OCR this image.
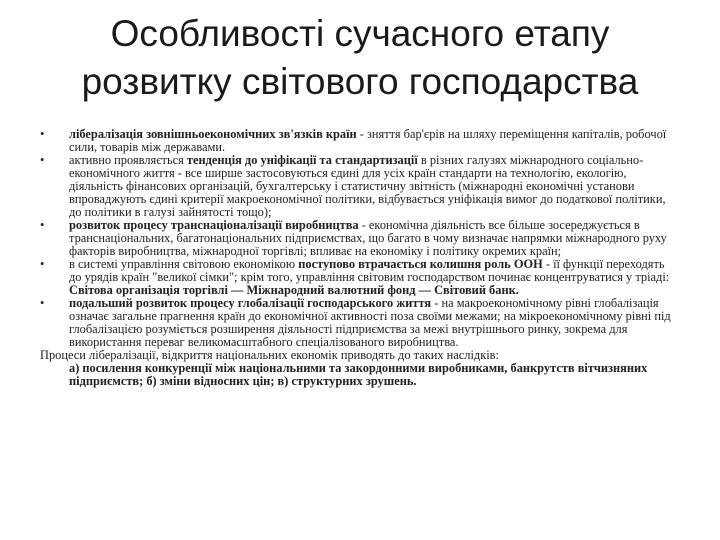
Особливості сучасного етапу
розвитку світового господарства
•	лібералізація зовнішньоекономічних зв'язків країн - зняття бар'єрів на шляху переміщення капіталів, робочої сили, товарів між державами.

•	активно проявляється тенденція до уніфікації та стандартизації в різних галузях міжнародного соціально-економічного життя - все ширше застосовуються єдині для усіх країн стандарти на технологію, екологію, діяльність фінансових організацій, бухгалтерську і статистичну звітність (міжнародні економічні установи впроваджують єдині критерії макроекономічної політики, відбувається уніфікація вимог до податкової політики, до політики в галузі зайнятості тощо);

•	розвиток процесу транснаціоналізації виробництва - економічна діяльність все більше зосереджується в транснаціональних, багатонаціональних підприємствах, що багато в чому визначає напрямки міжнародного руху факторів виробництва, міжнародної торгівлі; впливає на економіку і політику окремих країн;

•	в системі управління світовою економікою поступово втрачається колишня роль ООН - її функції переходять до урядів країн "великої сімки"; крім того, управління світовим господарством починає концентруватися у тріаді: Світова організація торгівлі — Міжнародний валютний фонд — Світовий банк.

•	подальший розвиток процесу глобалізації господарського життя - на макроекономічному рівні глобалізація означає загальне прагнення країн до економічної активності поза своїми межами; на мікроекономічному рівні під глобалізацією розуміється розширення діяльності підприємства за межі внутрішнього ринку, зокрема для використання переваг великомасштабного спеціалізованого виробництва.

Процеси лібералізації, відкриття національних економік приводять до таких наслідків:

а) посилення конкуренції між національними та закордонними виробниками, банкрутств вітчизняних підприємств; б) зміни відносних цін; в) структурних зрушень.
